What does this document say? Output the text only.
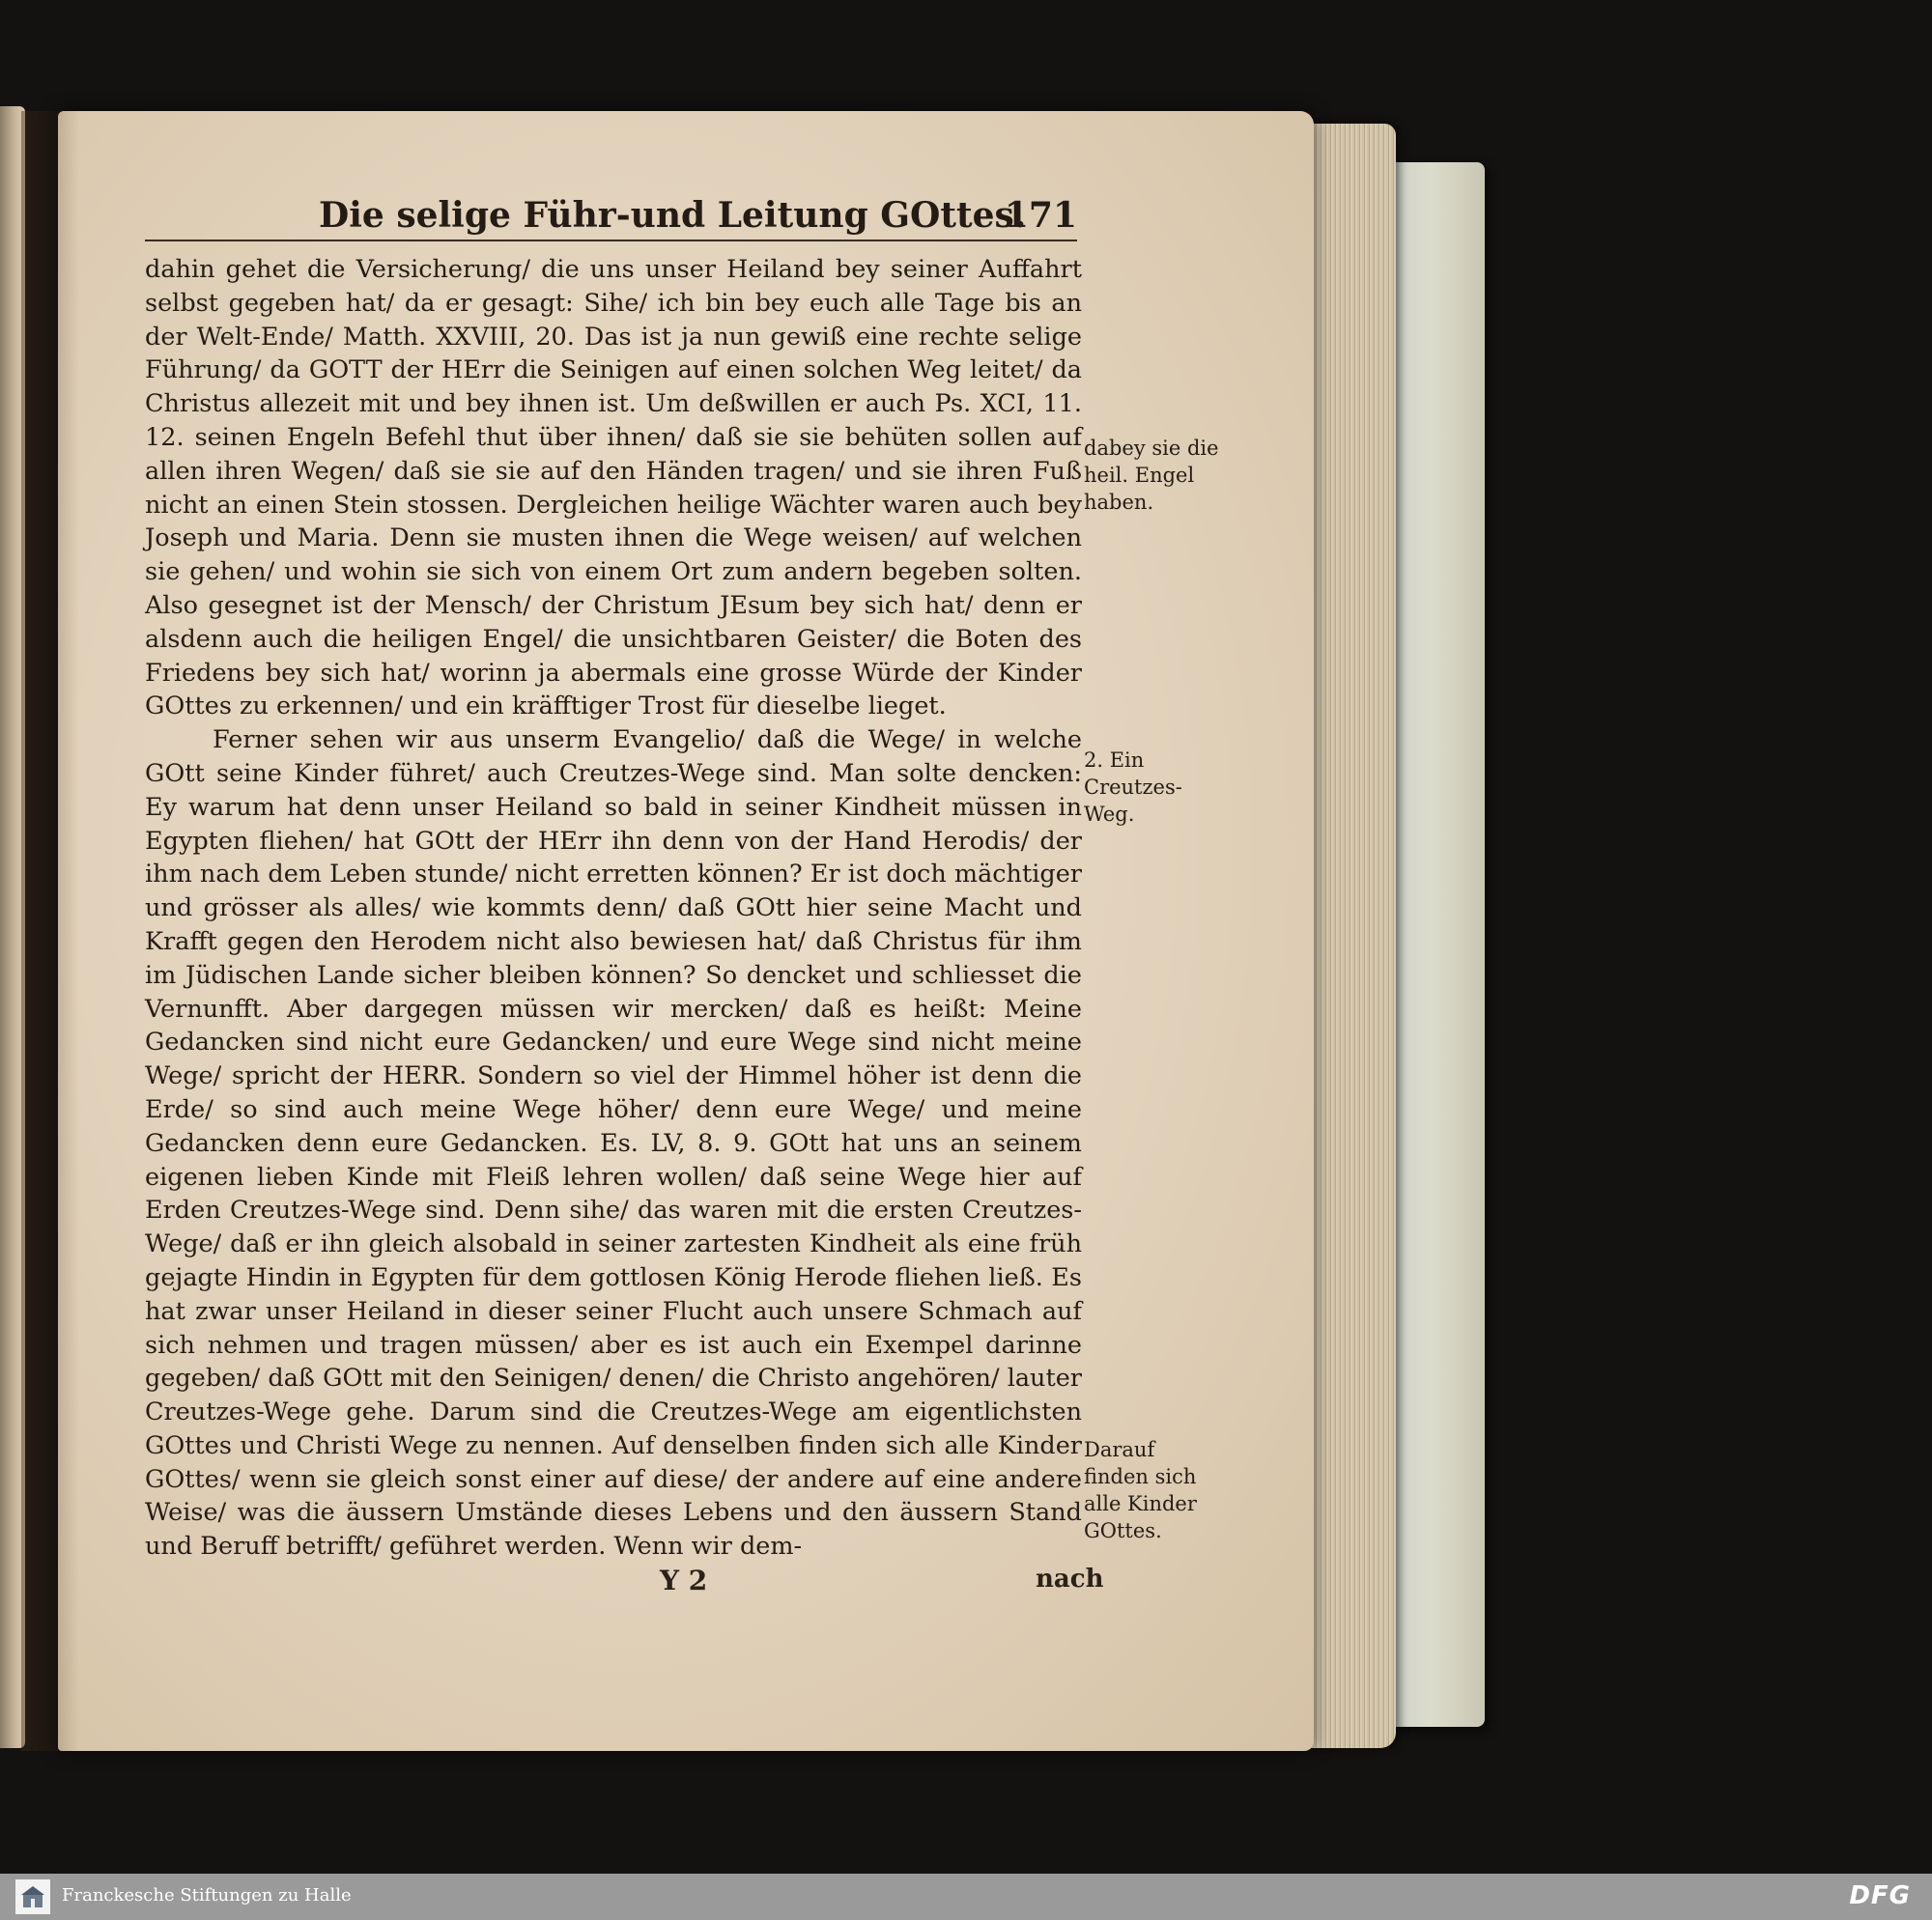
Die selige Führ-und Leitung GOttes.
171

dahin gehet die Versicherung/ die uns unser Heiland bey seiner Auffahrt selbst gegeben hat/ da er gesagt: Sihe/ ich bin bey euch alle Tage bis an der Welt-Ende/ Matth. XXVIII, 20. Das ist ja nun gewiß eine rechte selige Führung/ da GOTT der HErr die Seinigen auf einen solchen Weg leitet/ da Christus allezeit mit und bey ihnen ist. Um deßwillen er auch Ps. XCI, 11. 12. seinen Engeln Befehl thut über ihnen/ daß sie sie behüten sollen auf allen ihren Wegen/ daß sie sie auf den Händen tragen/ und sie ihren Fuß nicht an einen Stein stossen. Dergleichen heilige Wächter waren auch bey Joseph und Maria. Denn sie musten ihnen die Wege weisen/ auf welchen sie gehen/ und wohin sie sich von einem Ort zum andern begeben solten. Also gesegnet ist der Mensch/ der Christum JEsum bey sich hat/ denn er alsdenn auch die heiligen Engel/ die unsichtbaren Geister/ die Boten des Friedens bey sich hat/ worinn ja abermals eine grosse Würde der Kinder GOttes zu erkennen/ und ein kräfftiger Trost für dieselbe lieget.

Ferner sehen wir aus unserm Evangelio/ daß die Wege/ in welche GOtt seine Kinder führet/ auch Creutzes-Wege sind. Man solte dencken: Ey warum hat denn unser Heiland so bald in seiner Kindheit müssen in Egypten fliehen/ hat GOtt der HErr ihn denn von der Hand Herodis/ der ihm nach dem Leben stunde/ nicht erretten können? Er ist doch mächtiger und grösser als alles/ wie kommts denn/ daß GOtt hier seine Macht und Krafft gegen den Herodem nicht also bewiesen hat/ daß Christus für ihm im Jüdischen Lande sicher bleiben können? So dencket und schliesset die Vernunfft. Aber dargegen müssen wir mercken/ daß es heißt: Meine Gedancken sind nicht eure Gedancken/ und eure Wege sind nicht meine Wege/ spricht der HERR. Sondern so viel der Himmel höher ist denn die Erde/ so sind auch meine Wege höher/ denn eure Wege/ und meine Gedancken denn eure Gedancken. Es. LV, 8. 9. GOtt hat uns an seinem eigenen lieben Kinde mit Fleiß lehren wollen/ daß seine Wege hier auf Erden Creutzes-Wege sind. Denn sihe/ das waren mit die ersten Creutzes-Wege/ daß er ihn gleich alsobald in seiner zartesten Kindheit als eine früh gejagte Hindin in Egypten für dem gottlosen König Herode fliehen ließ. Es hat zwar unser Heiland in dieser seiner Flucht auch unsere Schmach auf sich nehmen und tragen müssen/ aber es ist auch ein Exempel darinne gegeben/ daß GOtt mit den Seinigen/ denen/ die Christo angehören/ lauter Creutzes-Wege gehe. Darum sind die Creutzes-Wege am eigentlichsten GOttes und Christi Wege zu nennen. Auf denselben finden sich alle Kinder GOttes/ wenn sie gleich sonst einer auf diese/ der andere auf eine andere Weise/ was die äussern Umstände dieses Lebens und den äussern Stand und Beruff betrifft/ geführet werden. Wenn wir dem-

dabey sie die heil. Engel haben.
2. Ein Creutzes-Weg.
Darauf finden sich alle Kinder GOttes.
Y 2	nach
Franckesche Stiftungen zu Halle	DFG
